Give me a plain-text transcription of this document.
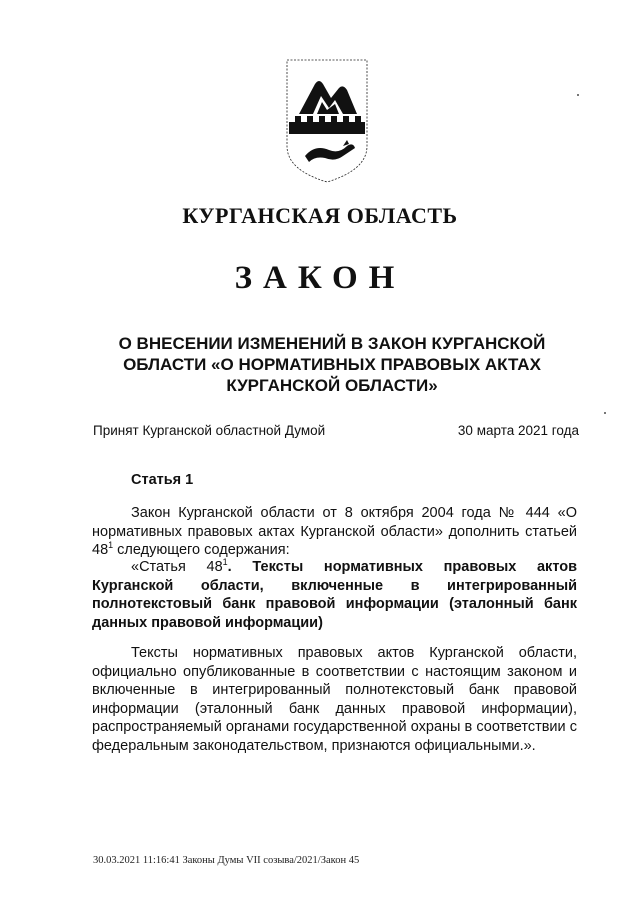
КУРГАНСКАЯ ОБЛАСТЬ
ЗАКОН
О ВНЕСЕНИИ ИЗМЕНЕНИЙ В ЗАКОН КУРГАНСКОЙ
ОБЛАСТИ «О НОРМАТИВНЫХ ПРАВОВЫХ АКТАХ
КУРГАНСКОЙ ОБЛАСТИ»
Принят Курганской областной Думой	30 марта 2021 года
Статья 1

Закон Курганской области от 8 октября 2004 года № 444 «О нормативных правовых актах Курганской области» дополнить статьей $48^1$ следующего содержания:

«Статья $48^1$. Тексты нормативных правовых актов Курганской области, включенные в интегрированный полнотекстовый банк правовой информации (эталонный банк данных правовой информации)

Тексты нормативных правовых актов Курганской области, официально опубликованные в соответствии с настоящим законом и включенные в интегрированный полнотекстовый банк правовой информации (эталонный банк данных правовой информации), распространяемый органами государственной охраны в соответствии с федеральным законодательством, признаются официальными.».

30.03.2021 11:16:41 Законы Думы VII созыва/2021/Закон 45
